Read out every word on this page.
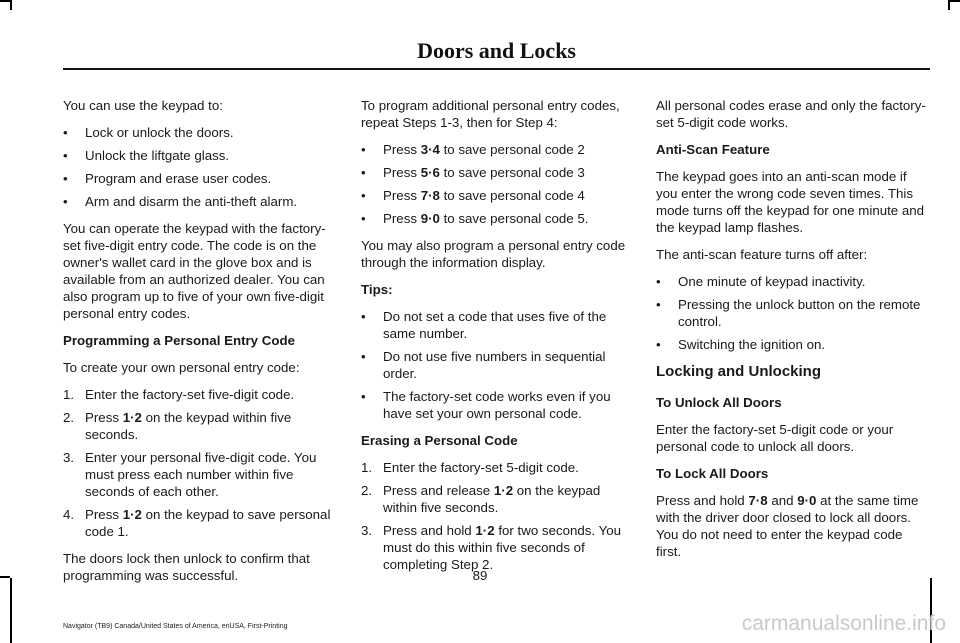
Doors and Locks

You can use the keypad to:

• Lock or unlock the doors.
• Unlock the liftgate glass.
• Program and erase user codes.
• Arm and disarm the anti-theft alarm.

You can operate the keypad with the factory-set five-digit entry code. The code is on the owner's wallet card in the glove box and is available from an authorized dealer. You can also program up to five of your own five-digit personal entry codes.

Programming a Personal Entry Code

To create your own personal entry code:

1. Enter the factory-set five-digit code.
2. Press 1·2 on the keypad within five seconds.
3. Enter your personal five-digit code. You must press each number within five seconds of each other.
4. Press 1·2 on the keypad to save personal code 1.

The doors lock then unlock to confirm that programming was successful.

To program additional personal entry codes, repeat Steps 1-3, then for Step 4:

• Press 3·4 to save personal code 2
• Press 5·6 to save personal code 3
• Press 7·8 to save personal code 4
• Press 9·0 to save personal code 5.

You may also program a personal entry code through the information display.

Tips:

• Do not set a code that uses five of the same number.
• Do not use five numbers in sequential order.
• The factory-set code works even if you have set your own personal code.

Erasing a Personal Code

1. Enter the factory-set 5-digit code.
2. Press and release 1·2 on the keypad within five seconds.
3. Press and hold 1·2 for two seconds. You must do this within five seconds of completing Step 2.

All personal codes erase and only the factory-set 5-digit code works.

Anti-Scan Feature

The keypad goes into an anti-scan mode if you enter the wrong code seven times. This mode turns off the keypad for one minute and the keypad lamp flashes.

The anti-scan feature turns off after:

• One minute of keypad inactivity.
• Pressing the unlock button on the remote control.
• Switching the ignition on.

Locking and Unlocking

To Unlock All Doors

Enter the factory-set 5-digit code or your personal code to unlock all doors.

To Lock All Doors

Press and hold 7·8 and 9·0 at the same time with the driver door closed to lock all doors. You do not need to enter the keypad code first.

89

Navigator (TB9) Canada/United States of America, enUSA, First-Printing	carmanualsonline.info
